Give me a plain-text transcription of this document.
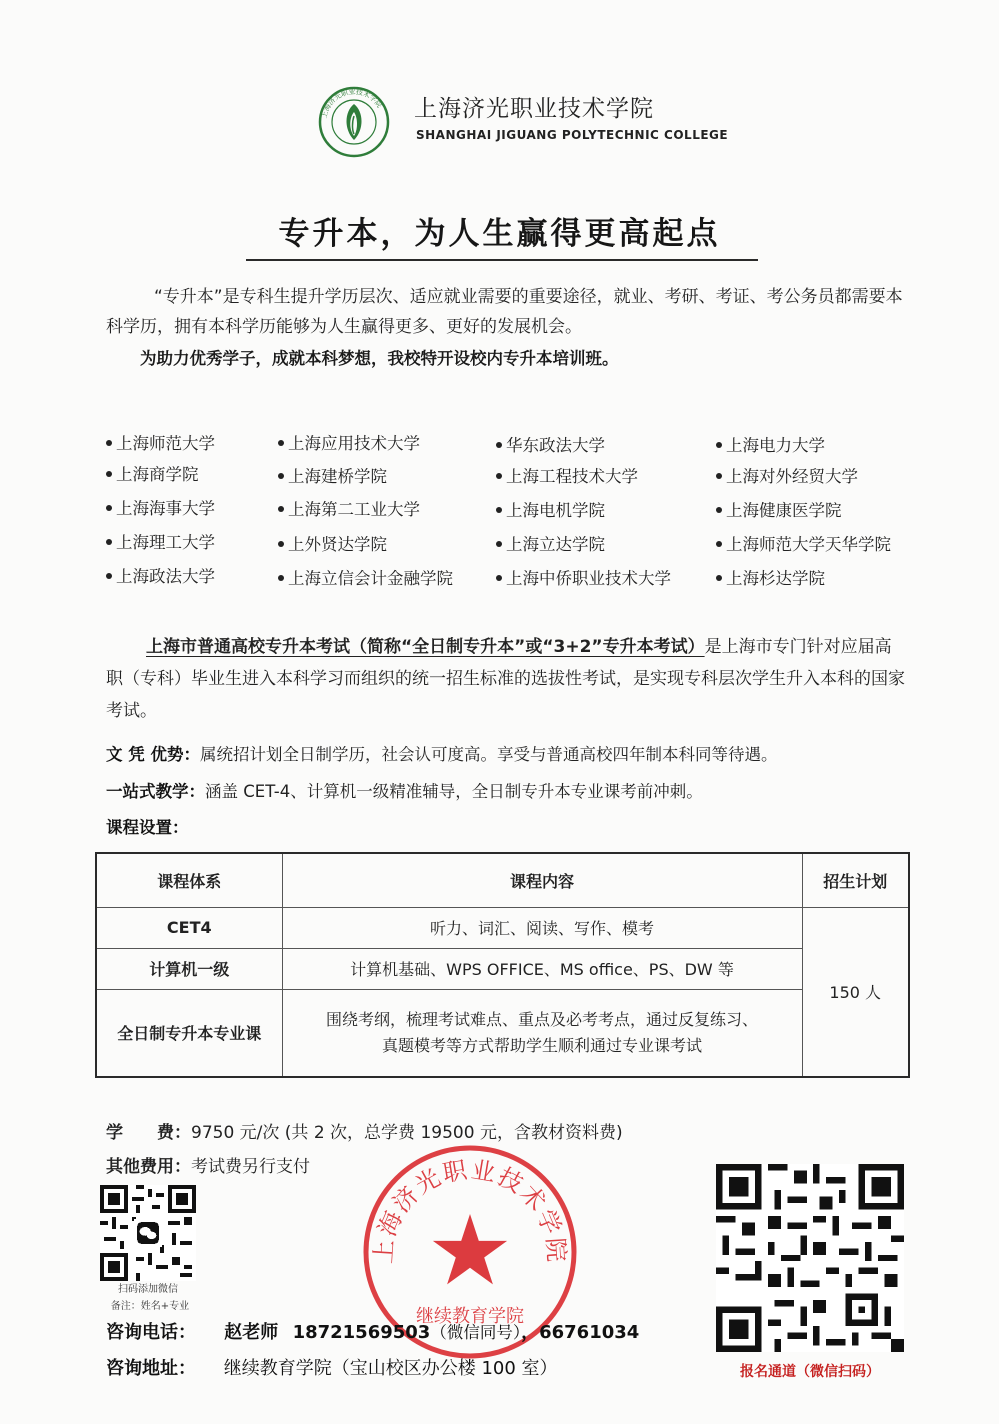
上海济光职业技术学院 上海济光职业技术学院
SHANGHAI JIGUANG POLYTECHNIC COLLEGE
专升本，为人生赢得更高起点
“专升本”是专科生提升学历层次、适应就业需要的重要途径，就业、考研、考证、考公务员都需要本科学历，拥有本科学历能够为人生赢得更多、更好的发展机会。
为助力优秀学子，成就本科梦想，我校特开设校内专升本培训班。
上海师范大学	上海应用技术大学	华东政法大学	上海电力大学
上海商学院	上海建桥学院	上海工程技术大学	上海对外经贸大学
上海海事大学	上海第二工业大学	上海电机学院	上海健康医学院
上海理工大学	上外贤达学院	上海立达学院	上海师范大学天华学院
上海政法大学	上海立信会计金融学院	上海中侨职业技术大学	上海杉达学院
上海市普通高校专升本考试（简称“全日制专升本”或“3+2”专升本考试）是上海市专门针对应届高职（专科）毕业生进入本科学习而组织的统一招生标准的选拔性考试，是实现专科层次学生升入本科的国家考试。
文 凭 优势：属统招计划全日制学历，社会认可度高。享受与普通高校四年制本科同等待遇。
一站式教学：涵盖 CET-4、计算机一级精准辅导，全日制专升本专业课考前冲刺。
课程设置：
课程体系	课程内容	招生计划
CET4	听力、词汇、阅读、写作、模考	150 人
计算机一级	计算机基础、WPS OFFICE、MS office、PS、DW 等	
全日制专升本专业课	围绕考纲，梳理考试难点、重点及必考考点，通过反复练习、
真题模考等方式帮助学生顺利通过专业课考试	
学　　费：9750 元/次 (共 2 次，总学费 19500 元，含教材资料费)
其他费用：考试费另行支付
扫码添加微信
备注：姓名+专业
上海济光职业技术学院
继续教育学院
报名通道（微信扫码）
咨询电话： 赵老师 18721569503（微信同号），66761034
咨询地址： 继续教育学院（宝山校区办公楼 100 室）
